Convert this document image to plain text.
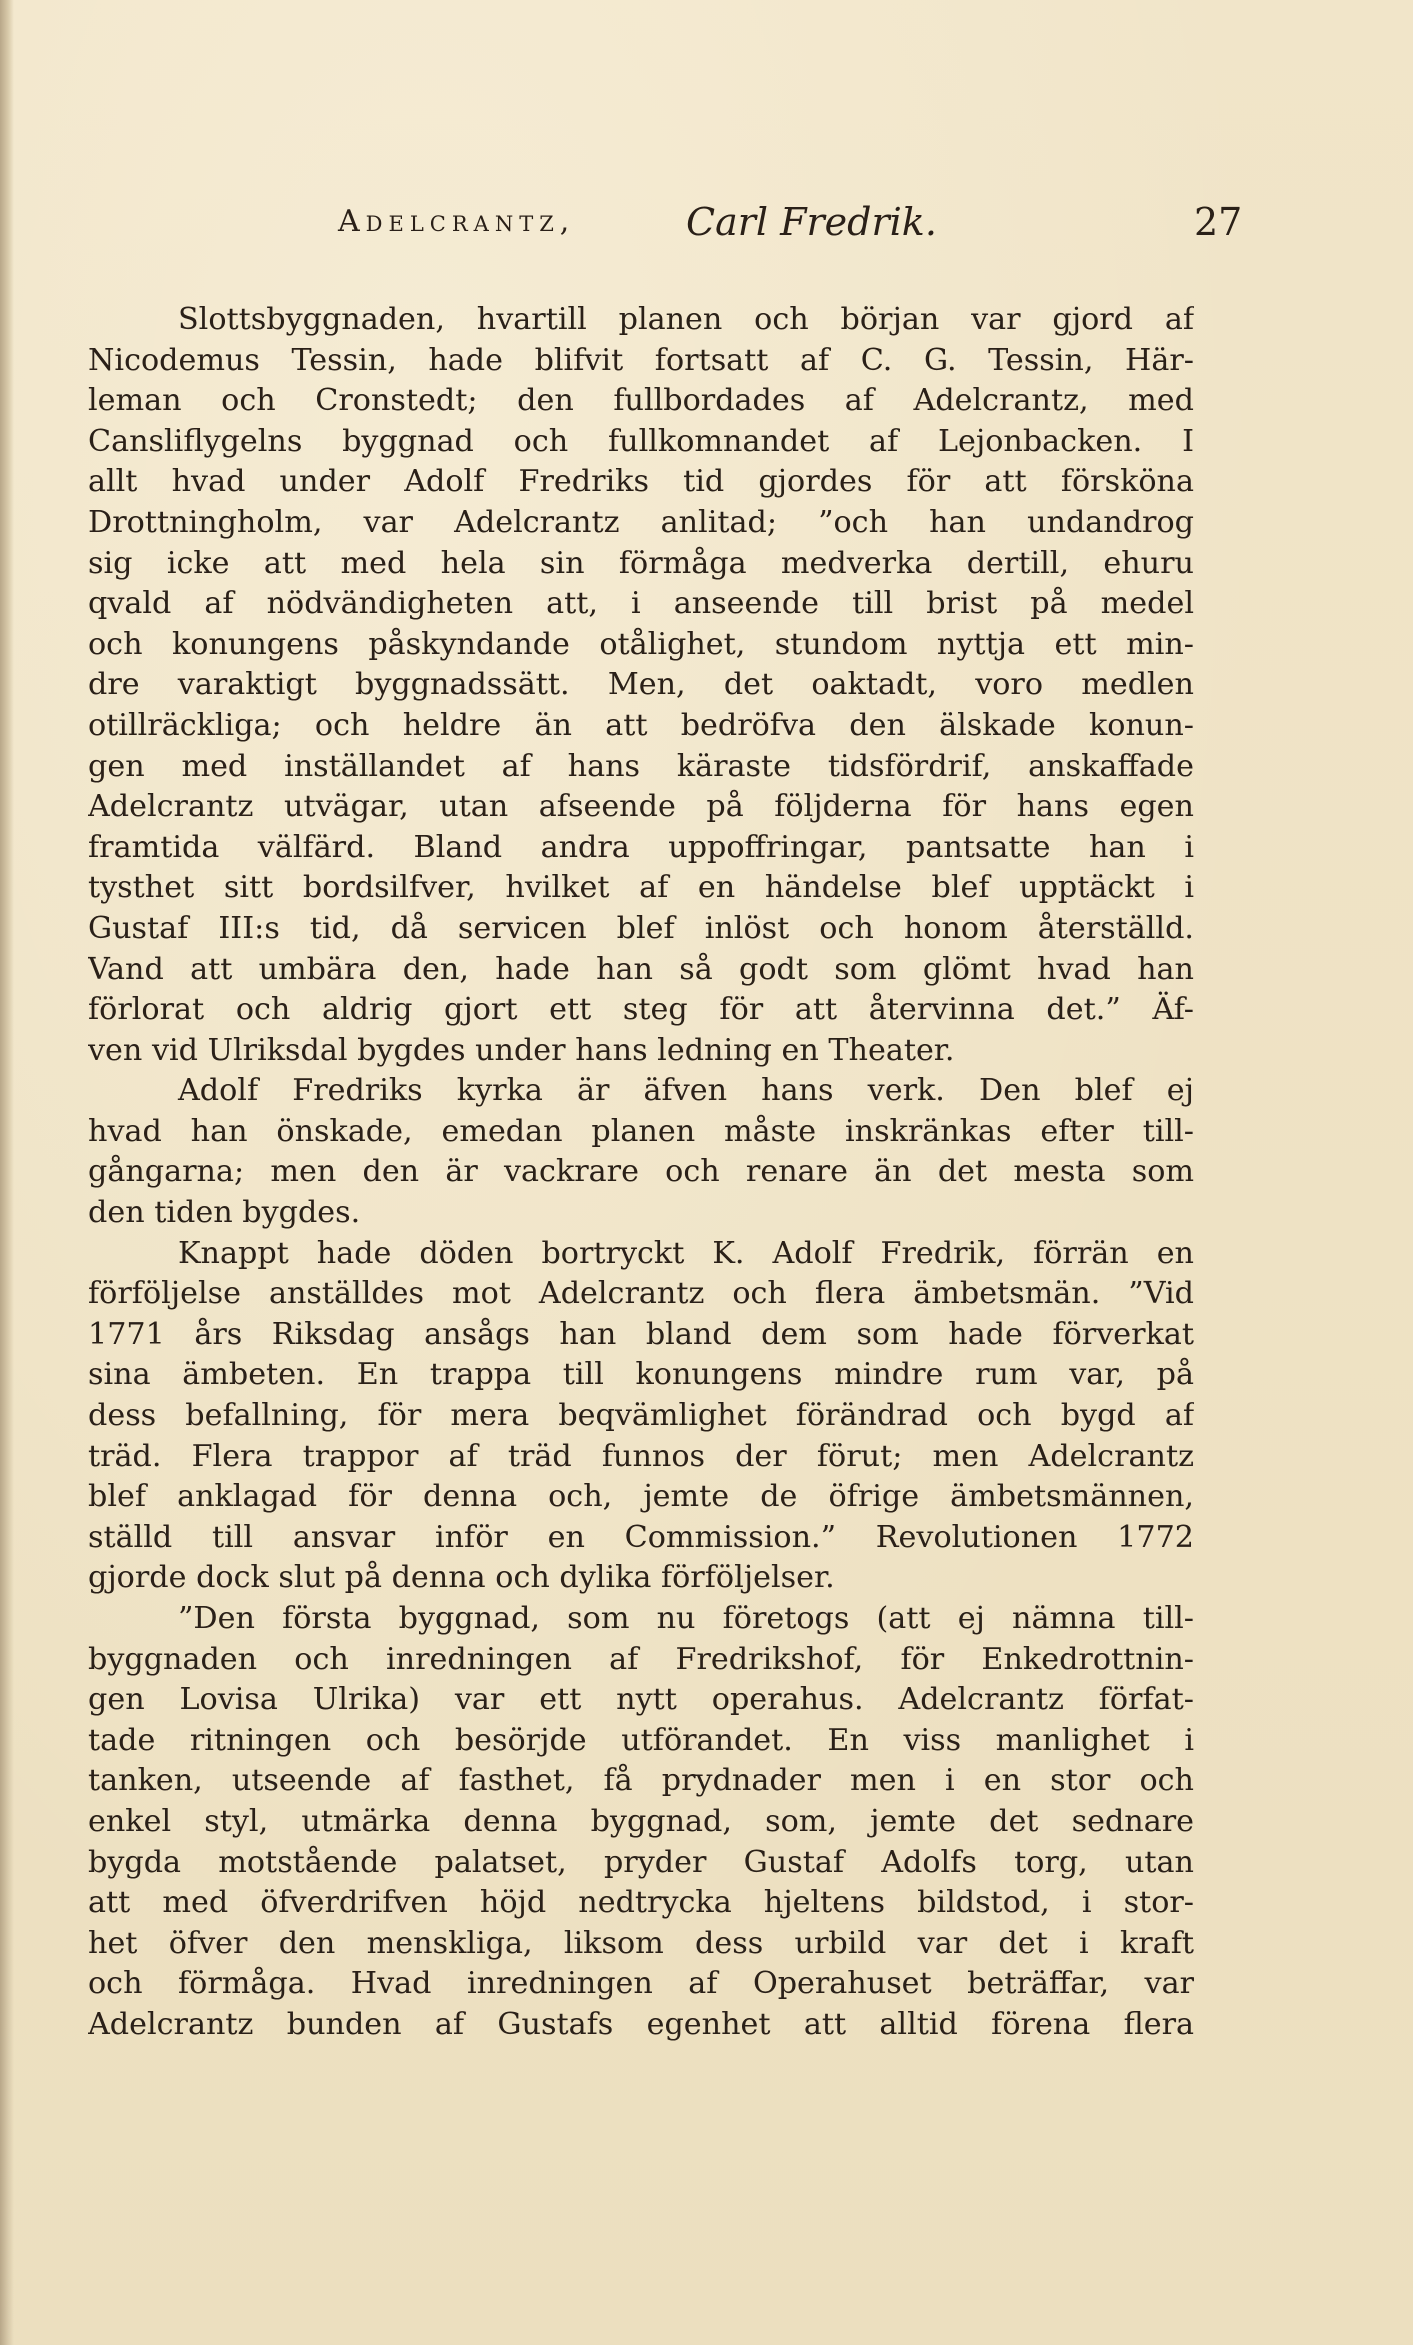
Adelcrantz,	Carl Fredrik.	27
Slottsbyggnaden, hvartill planen och början var gjord af
Nicodemus Tessin, hade blifvit fortsatt af C. G. Tessin, Här-
leman och Cronstedt; den fullbordades af Adelcrantz, med
Cansliflygelns byggnad och fullkomnandet af Lejonbacken. I
allt hvad under Adolf Fredriks tid gjordes för att försköna
Drottningholm, var Adelcrantz anlitad; ”och han undandrog
sig icke att med hela sin förmåga medverka dertill, ehuru
qvald af nödvändigheten att, i anseende till brist på medel
och konungens påskyndande otålighet, stundom nyttja ett min-
dre varaktigt byggnadssätt. Men, det oaktadt, voro medlen
otillräckliga; och heldre än att bedröfva den älskade konun-
gen med inställandet af hans käraste tidsfördrif, anskaffade
Adelcrantz utvägar, utan afseende på följderna för hans egen
framtida välfärd. Bland andra uppoffringar, pantsatte han i
tysthet sitt bordsilfver, hvilket af en händelse blef upptäckt i
Gustaf III:s tid, då servicen blef inlöst och honom återställd.
Vand att umbära den, hade han så godt som glömt hvad han
förlorat och aldrig gjort ett steg för att återvinna det.” Äf-
ven vid Ulriksdal bygdes under hans ledning en Theater.
Adolf Fredriks kyrka är äfven hans verk. Den blef ej
hvad han önskade, emedan planen måste inskränkas efter till-
gångarna; men den är vackrare och renare än det mesta som
den tiden bygdes.
Knappt hade döden bortryckt K. Adolf Fredrik, förrän en
förföljelse anställdes mot Adelcrantz och flera ämbetsmän. ”Vid
1771 års Riksdag ansågs han bland dem som hade förverkat
sina ämbeten. En trappa till konungens mindre rum var, på
dess befallning, för mera beqvämlighet förändrad och bygd af
träd. Flera trappor af träd funnos der förut; men Adelcrantz
blef anklagad för denna och, jemte de öfrige ämbetsmännen,
ställd till ansvar inför en Commission.” Revolutionen 1772
gjorde dock slut på denna och dylika förföljelser.
”Den första byggnad, som nu företogs (att ej nämna till-
byggnaden och inredningen af Fredrikshof, för Enkedrottnin-
gen Lovisa Ulrika) var ett nytt operahus. Adelcrantz förfat-
tade ritningen och besörjde utförandet. En viss manlighet i
tanken, utseende af fasthet, få prydnader men i en stor och
enkel styl, utmärka denna byggnad, som, jemte det sednare
bygda motstående palatset, pryder Gustaf Adolfs torg, utan
att med öfverdrifven höjd nedtrycka hjeltens bildstod, i stor-
het öfver den menskliga, liksom dess urbild var det i kraft
och förmåga. Hvad inredningen af Operahuset beträffar, var
Adelcrantz bunden af Gustafs egenhet att alltid förena flera
